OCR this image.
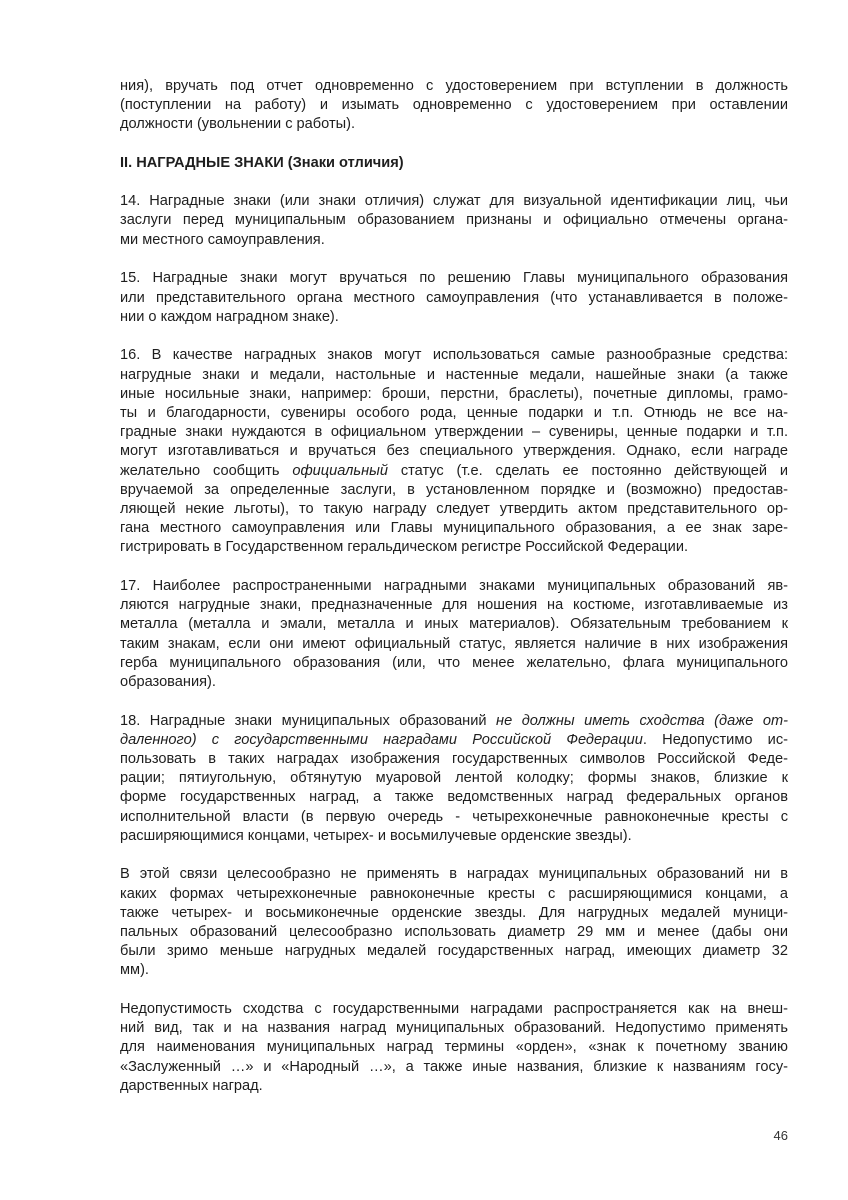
ния), вручать под отчет одновременно с удостоверением при вступлении в должность
(поступлении на работу) и изымать одновременно с удостоверением при оставлении
должности (увольнении с работы).
II. НАГРАДНЫЕ ЗНАКИ (Знаки отличия)
14. Наградные знаки (или знаки отличия) служат для визуальной идентификации лиц, чьи
заслуги перед муниципальным образованием признаны и официально отмечены органа-
ми местного самоуправления.
15. Наградные знаки могут вручаться по решению Главы муниципального образования
или представительного органа местного самоуправления (что устанавливается в положе-
нии о каждом наградном знаке).
16. В качестве наградных знаков могут использоваться самые разнообразные средства:
нагрудные знаки и медали, настольные и настенные медали, нашейные знаки (а также
иные носильные знаки, например: броши, перстни, браслеты), почетные дипломы, грамо-
ты и благодарности, сувениры особого рода, ценные подарки и т.п. Отнюдь не все на-
градные знаки нуждаются в официальном утверждении – сувениры, ценные подарки и т.п.
могут изготавливаться и вручаться без специального утверждения. Однако, если награде
желательно сообщить официальный статус (т.е. сделать ее постоянно действующей и
вручаемой за определенные заслуги, в установленном порядке и (возможно) предостав-
ляющей некие льготы), то такую награду следует утвердить актом представительного ор-
гана местного самоуправления или Главы муниципального образования, а ее знак заре-
гистрировать в Государственном геральдическом регистре Российской Федерации.
17. Наиболее распространенными наградными знаками муниципальных образований яв-
ляются нагрудные знаки, предназначенные для ношения на костюме, изготавливаемые из
металла (металла и эмали, металла и иных материалов). Обязательным требованием к
таким знакам, если они имеют официальный статус, является наличие в них изображения
герба муниципального образования (или, что менее желательно, флага муниципального
образования).
18. Наградные знаки муниципальных образований не должны иметь сходства (даже от-
даленного) с государственными наградами Российской Федерации. Недопустимо ис-
пользовать в таких наградах изображения государственных символов Российской Феде-
рации; пятиугольную, обтянутую муаровой лентой колодку; формы знаков, близкие к
форме государственных наград, а также ведомственных наград федеральных органов
исполнительной власти (в первую очередь - четырехконечные равноконечные кресты с
расширяющимися концами, четырех- и восьмилучевые орденские звезды).
В этой связи целесообразно не применять в наградах муниципальных образований ни в
каких формах четырехконечные равноконечные кресты с расширяющимися концами, а
также четырех- и восьмиконечные орденские звезды. Для нагрудных медалей муници-
пальных образований целесообразно использовать диаметр 29 мм и менее (дабы они
были зримо меньше нагрудных медалей государственных наград, имеющих диаметр 32
мм).
Недопустимость сходства с государственными наградами распространяется как на внеш-
ний вид, так и на названия наград муниципальных образований. Недопустимо применять
для наименования муниципальных наград термины «орден», «знак к почетному званию
«Заслуженный …» и «Народный …», а также иные названия, близкие к названиям госу-
дарственных наград.
46
